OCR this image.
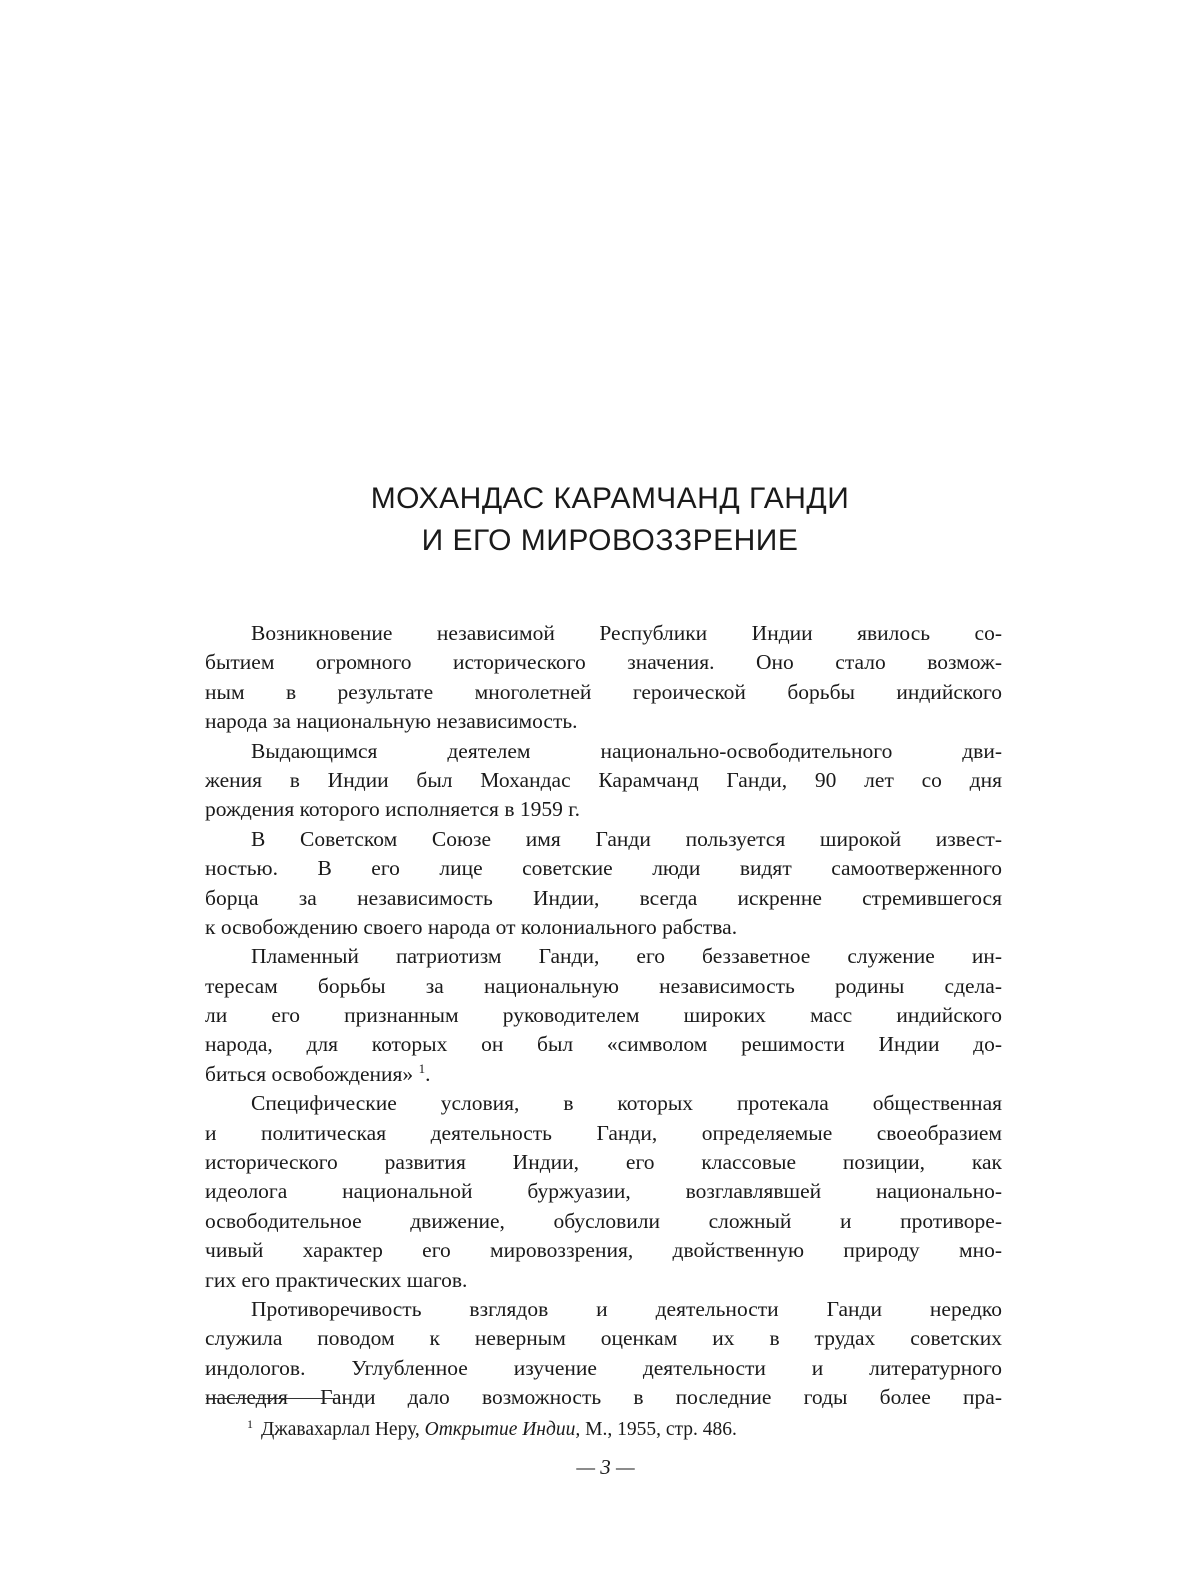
МОХАНДАС КАРАМЧАНД ГАНДИ
И ЕГО МИРОВОЗЗРЕНИЕ
Возникновение независимой Республики Индии явилось со-
бытием огромного исторического значения. Оно стало возмож-
ным в результате многолетней героической борьбы индийского
народа за национальную независимость.
Выдающимся деятелем национально-освободительного дви-
жения в Индии был Мохандас Карамчанд Ганди, 90 лет со дня
рождения которого исполняется в 1959 г.
В Советском Союзе имя Ганди пользуется широкой извест-
ностью. В его лице советские люди видят самоотверженного
борца за независимость Индии, всегда искренне стремившегося
к освобождению своего народа от колониального рабства.
Пламенный патриотизм Ганди, его беззаветное служение ин-
тересам борьбы за национальную независимость родины сдела-
ли его признанным руководителем широких масс индийского
народа, для которых он был «символом решимости Индии до-
биться освобождения» $^1$.
Специфические условия, в которых протекала общественная
и политическая деятельность Ганди, определяемые своеобразием
исторического развития Индии, его классовые позиции, как
идеолога национальной буржуазии, возглавлявшей национально-
освободительное движение, обусловили сложный и противоре-
чивый характер его мировоззрения, двойственную природу мно-
гих его практических шагов.
Противоречивость взглядов и деятельности Ганди нередко
служила поводом к неверным оценкам их в трудах советских
индологов. Углубленное изучение деятельности и литературного
наследия Ганди дало возможность в последние годы более пра-
$^1$ Джавахарлал Неру, Открытие Индии, М., 1955, стр. 486.
— 3 —
